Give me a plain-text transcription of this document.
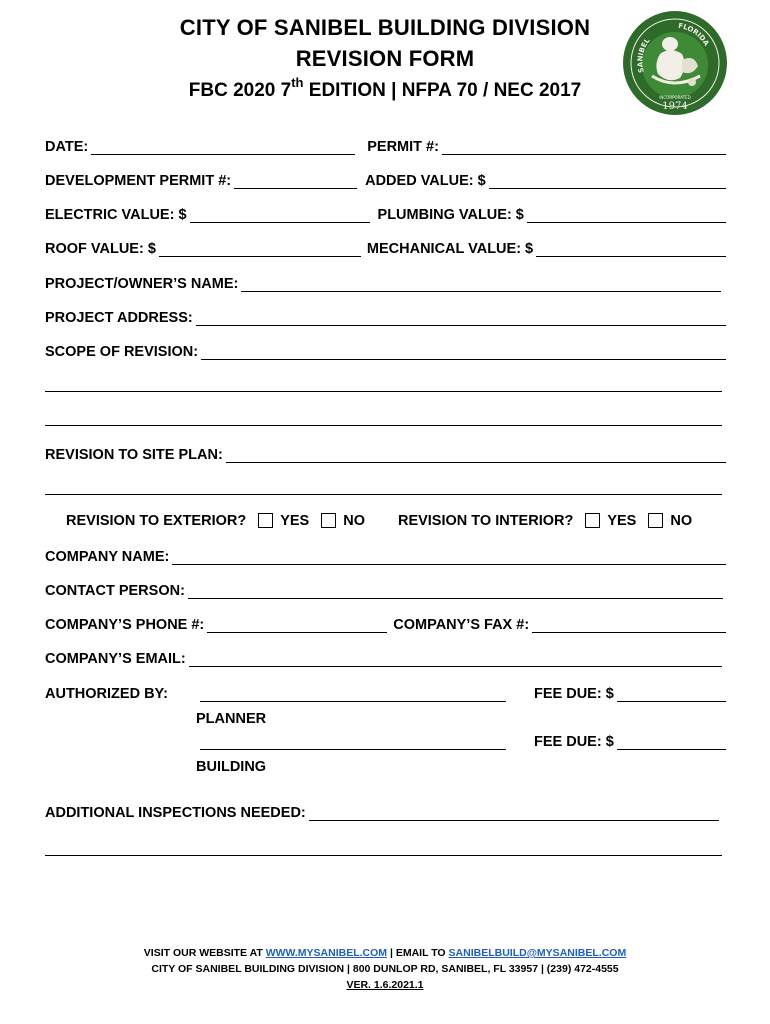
CITY OF SANIBEL BUILDING DIVISION
REVISION FORM
FBC 2020 7th EDITION | NFPA 70 / NEC 2017
SANIBEL
FLORIDA
INCORPORATED
1974
DATE:	PERMIT #:
DEVELOPMENT PERMIT #:	ADDED VALUE: $
ELECTRIC VALUE: $	PLUMBING VALUE: $
ROOF VALUE: $	MECHANICAL VALUE: $
PROJECT/OWNER’S NAME:
PROJECT ADDRESS:
SCOPE OF REVISION:
REVISION TO SITE PLAN:
REVISION TO EXTERIOR? YES NO REVISION TO INTERIOR? YES NO
COMPANY NAME:
CONTACT PERSON:
COMPANY’S PHONE #:	COMPANY’S FAX #:
COMPANY’S EMAIL:
AUTHORIZED BY:	FEE DUE: $
PLANNER
FEE DUE: $
BUILDING
ADDITIONAL INSPECTIONS NEEDED:
VISIT OUR WEBSITE AT WWW.MYSANIBEL.COM | EMAIL TO SANIBELBUILD@MYSANIBEL.COM
CITY OF SANIBEL BUILDING DIVISION | 800 DUNLOP RD, SANIBEL, FL 33957 | (239) 472-4555
VER. 1.6.2021.1
